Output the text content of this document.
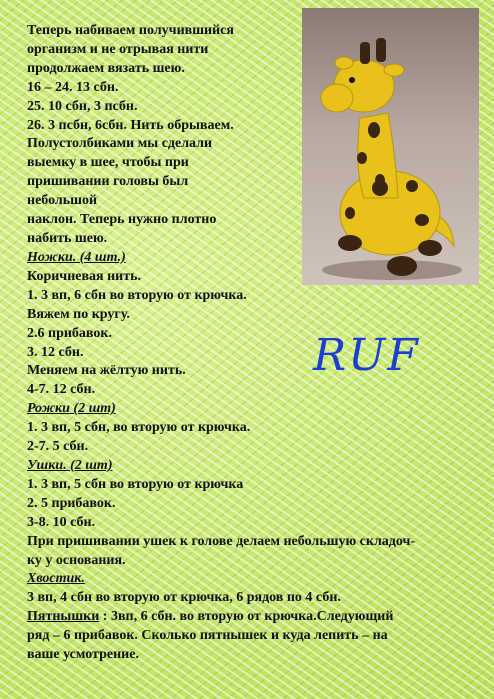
Теперь набиваем получившийся
организм и не отрывая нити
продолжаем вязать шею.
16 – 24. 13 сбн.
25. 10 сбн, 3 псбн.
26. 3 псбн, 6сбн. Нить обрываем.
Полустолбиками мы сделали
выемку в шее, чтобы при
пришивании головы был
небольшой
наклон. Теперь нужно плотно
набить шею.
Ножки. (4 шт.)
Коричневая нить.
1. 3 вп, 6 сбн во вторую от крючка.
Вяжем по кругу.
2.6 прибавок.
3. 12 сбн.
Меняем на жёлтую нить.
4-7. 12 сбн.
Рожки (2 шт)
1. 3 вп, 5 сбн, во вторую от крючка.
2-7. 5 сбн.
Ушки. (2 шт)
1. 3 вп, 5 сбн во вторую от крючка
2. 5 прибавок.
3-8. 10 сбн.
При пришивании ушек к голове делаем небольшую складоч-
ку у основания.
Хвостик.
3 вп, 4 сбн во вторую от крючка, 6 рядов по 4 сбн.
Пятнышки : 3вп, 6 сбн. во вторую от крючка.Следующий
ряд – 6 прибавок. Сколько пятнышек и куда лепить – на
ваше усмотрение.
RUF
